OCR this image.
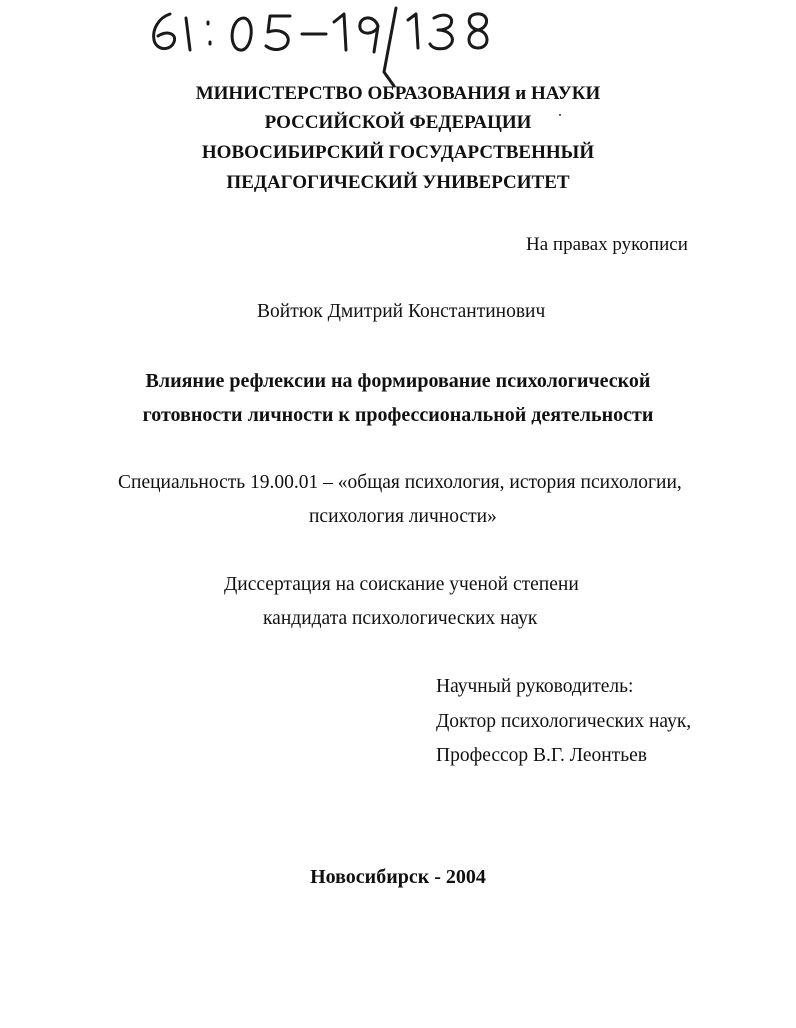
МИНИСТЕРСТВО ОБРАЗОВАНИЯ и НАУКИ
РОССИЙСКОЙ ФЕДЕРАЦИИ
НОВОСИБИРСКИЙ ГОСУДАРСТВЕННЫЙ
ПЕДАГОГИЧЕСКИЙ УНИВЕРСИТЕТ
На правах рукописи
Войтюк Дмитрий Константинович
Влияние рефлексии на формирование психологической
готовности личности к профессиональной деятельности
Специальность 19.00.01 – «общая психология, история психологии,
психология личности»
Диссертация на соискание ученой степени
кандидата психологических наук
Научный руководитель:
Доктор психологических наук,
Профессор В.Г. Леонтьев
Новосибирск - 2004
